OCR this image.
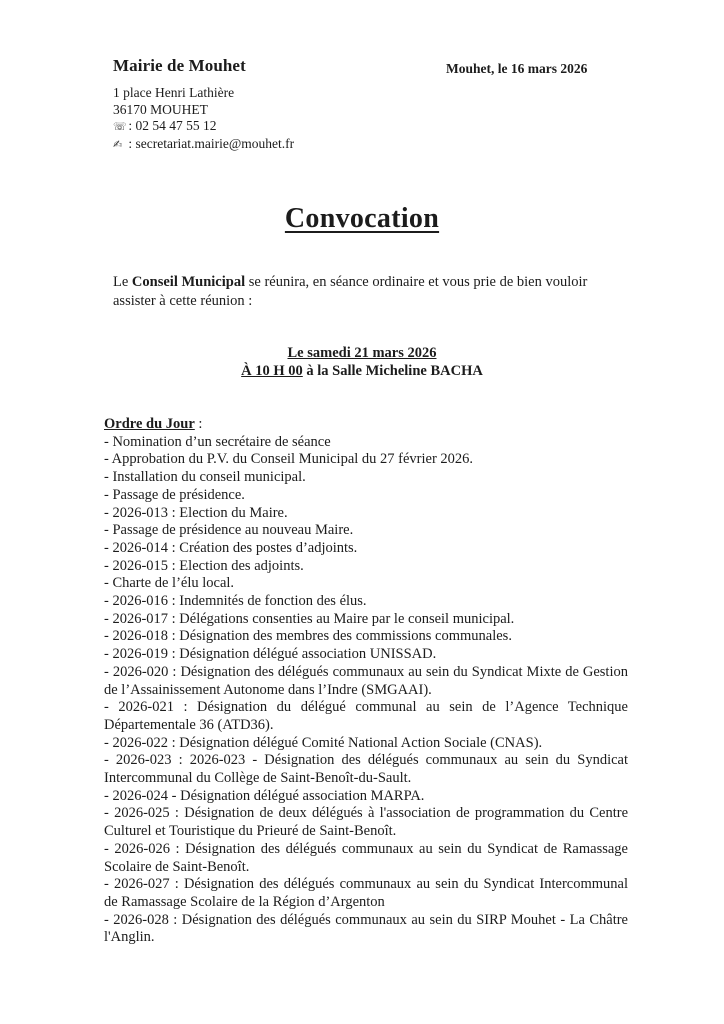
Mairie de Mouhet	Mouhet, le 16 mars 2026
1 place Henri Lathière
36170 MOUHET
☏ : 02 54 47 55 12
✍ : secretariat.mairie@mouhet.fr
Convocation
Le Conseil Municipal se réunira, en séance ordinaire et vous prie de bien vouloir assister à cette réunion :
Le samedi 21 mars 2026
À 10 H 00 à la Salle Micheline BACHA
Ordre du Jour :
- Nomination d’un secrétaire de séance
- Approbation du P.V. du Conseil Municipal du 27 février 2026.
- Installation du conseil municipal.
- Passage de présidence.
- 2026-013 : Election du Maire.
- Passage de présidence au nouveau Maire.
- 2026-014 : Création des postes d’adjoints.
- 2026-015 : Election des adjoints.
- Charte de l’élu local.
- 2026-016 : Indemnités de fonction des élus.
- 2026-017 : Délégations consenties au Maire par le conseil municipal.
- 2026-018 : Désignation des membres des commissions communales.
- 2026-019 : Désignation délégué association UNISSAD.
- 2026-020 : Désignation des délégués communaux au sein du Syndicat Mixte de Gestion de l’Assainissement Autonome dans l’Indre (SMGAAI).
- 2026-021 : Désignation du délégué communal au sein de l’Agence Technique Départementale 36 (ATD36).
- 2026-022 : Désignation délégué Comité National Action Sociale (CNAS).
- 2026-023 : 2026-023 - Désignation des délégués communaux au sein du Syndicat Intercommunal du Collège de Saint-Benoît-du-Sault.
- 2026-024 - Désignation délégué association MARPA.
- 2026-025 : Désignation de deux délégués à l'association de programmation du Centre Culturel et Touristique du Prieuré de Saint-Benoît.
- 2026-026 : Désignation des délégués communaux au sein du Syndicat de Ramassage Scolaire de Saint-Benoît.
- 2026-027 : Désignation des délégués communaux au sein du Syndicat Intercommunal de Ramassage Scolaire de la Région d’Argenton
- 2026-028 : Désignation des délégués communaux au sein du SIRP Mouhet - La Châtre l'Anglin.
